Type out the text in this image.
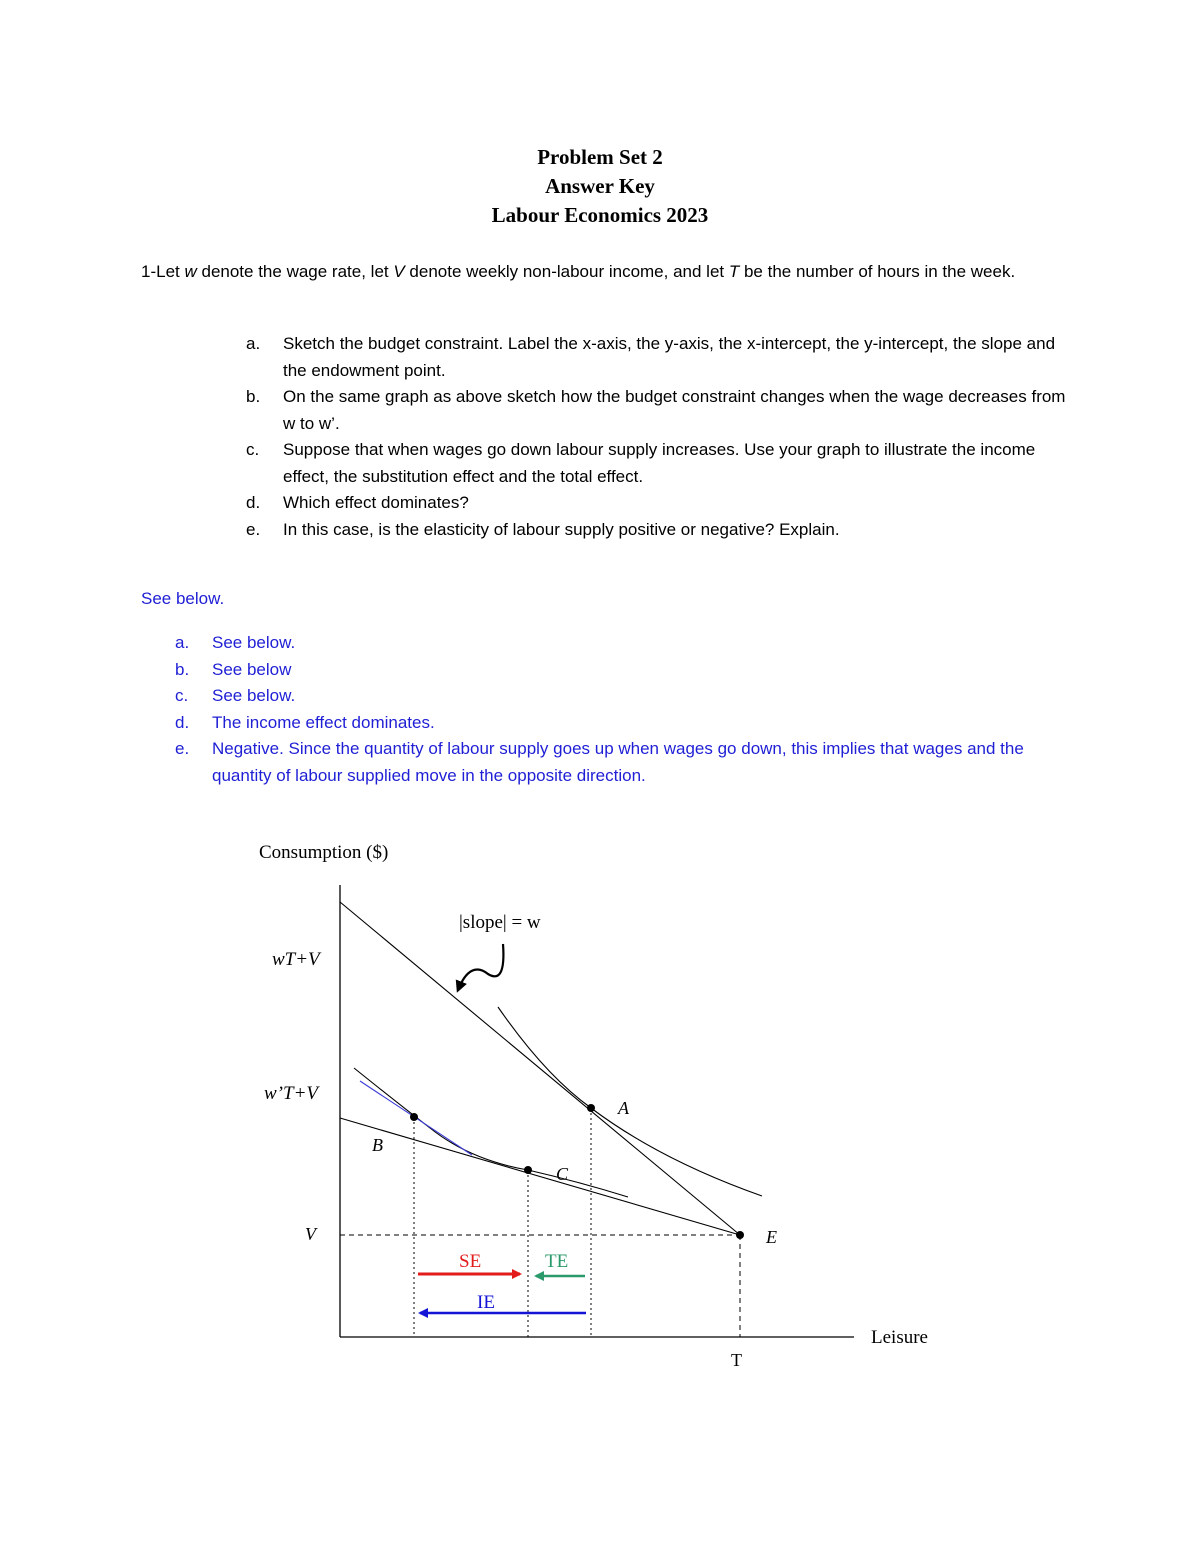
Problem Set 2
Answer Key
Labour Economics 2023
1-Let w denote the wage rate, let V denote weekly non-labour income, and let T be the number of hours in the week.
a.	Sketch the budget constraint. Label the x-axis, the y-axis, the x-intercept, the y-intercept, the slope and the endowment point.
b.	On the same graph as above sketch how the budget constraint changes when the wage decreases from w to w’.
c.	Suppose that when wages go down labour supply increases. Use your graph to illustrate the income effect, the substitution effect and the total effect.
d.	Which effect dominates?
e.	In this case, is the elasticity of labour supply positive or negative? Explain.
See below.
a.	See below.
b.	See below
c.	See below.
d.	The income effect dominates.
e.	Negative. Since the quantity of labour supply goes up when wages go down, this implies that wages and the quantity of labour supplied move in the opposite direction.
Consumption ($)
Leisure
wT+V
w’T+V
V
T
A
B
C
E
|slope| = w
SE	TE
IE
